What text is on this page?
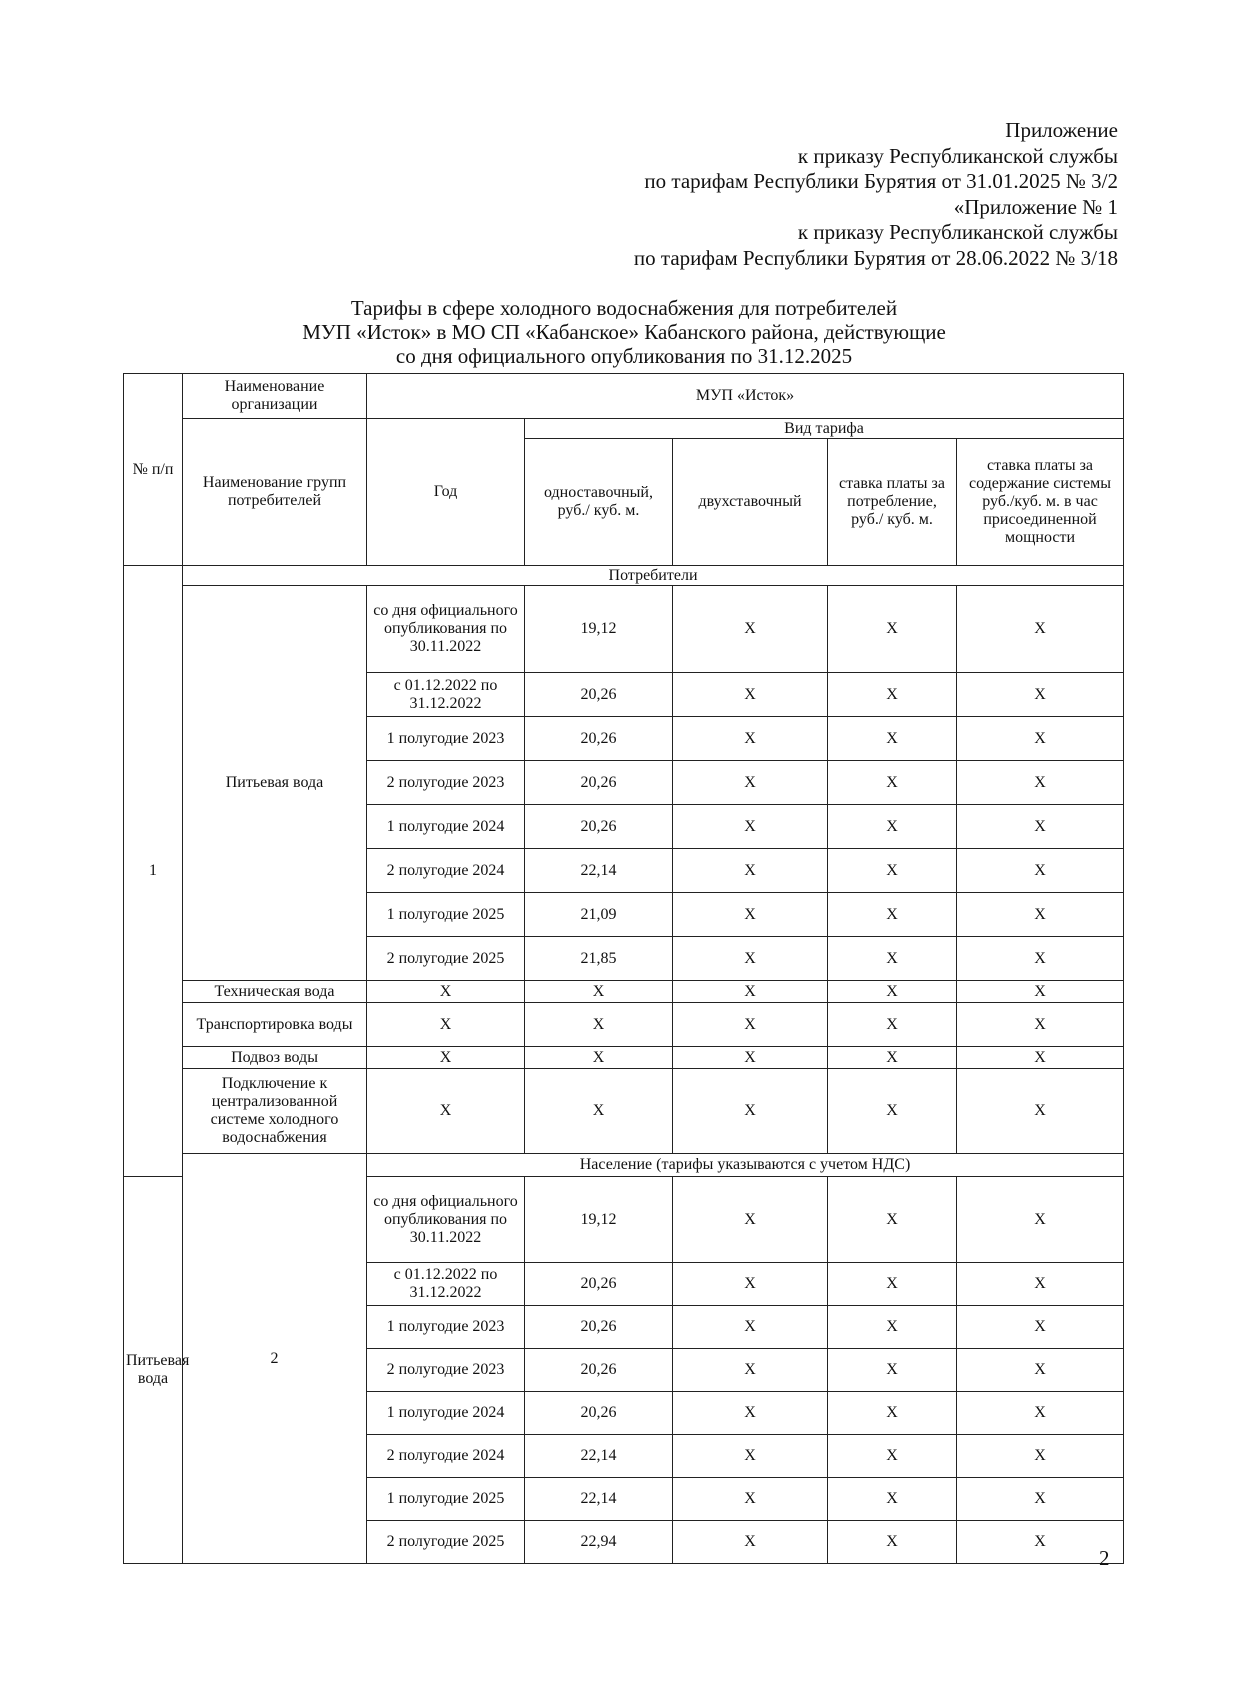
Приложение
к приказу Республиканской службы
по тарифам Республики Бурятия от 31.01.2025 № 3/2
«Приложение № 1
к приказу Республиканской службы
по тарифам Республики Бурятия от 28.06.2022 № 3/18
Тарифы в сфере холодного водоснабжения для потребителей
МУП «Исток» в МО СП «Кабанское» Кабанского района, действующие
со дня официального опубликования по 31.12.2025
№ п/п	Наименование организации	МУП «Исток»				
	Наименование групп потребителей	Год	Вид тарифа			
			одноставочный, руб./ куб. м.	двухставочный	ставка платы за потребление, руб./ куб. м.	ставка платы за содержание системы руб./куб. м. в час присоединенной мощности
1	Потребители					
	Питьевая вода	со дня официального опубликования по 30.11.2022	19,12	X	X	X
		с 01.12.2022 по 31.12.2022	20,26	X	X	X
		1 полугодие 2023	20,26	X	X	X
		2 полугодие 2023	20,26	X	X	X
		1 полугодие 2024	20,26	X	X	X
		2 полугодие 2024	22,14	X	X	X
		1 полугодие 2025	21,09	X	X	X
		2 полугодие 2025	21,85	X	X	X
	Техническая вода	X	X	X	X	X
	Транспортировка воды	X	X	X	X	X
	Подвоз воды	X	X	X	X	X
	Подключение к централизованной системе холодного водоснабжения	X	X	X	X	X
	2	Население (тарифы указываются с учетом НДС)				
Питьевая вода		со дня официального опубликования по 30.11.2022	19,12	X	X	X
		с 01.12.2022 по 31.12.2022	20,26	X	X	X
		1 полугодие 2023	20,26	X	X	X
		2 полугодие 2023	20,26	X	X	X
		1 полугодие 2024	20,26	X	X	X
		2 полугодие 2024	22,14	X	X	X
		1 полугодие 2025	22,14	X	X	X
		2 полугодие 2025	22,94	X	X	X
2
